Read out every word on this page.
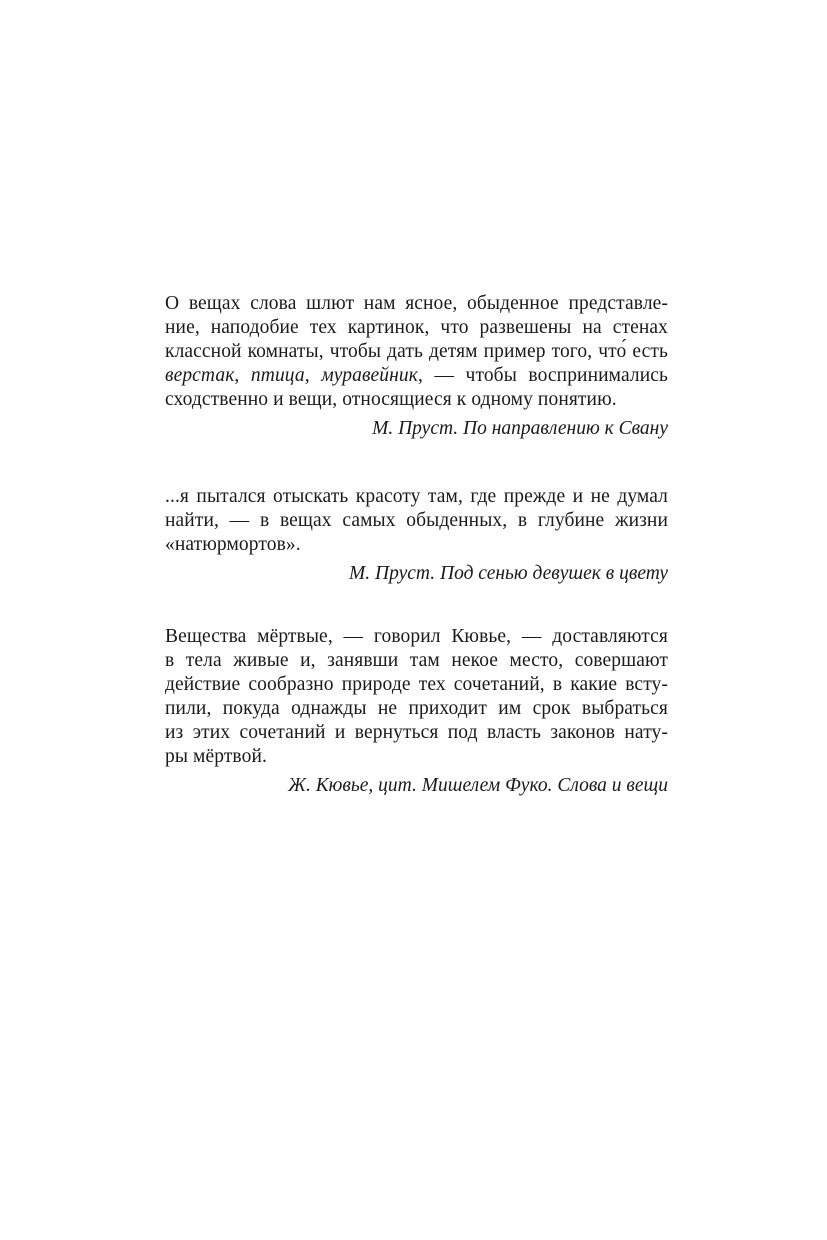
О вещах слова шлют нам ясное, обыденное представле-
ние, наподобие тех картинок, что развешены на стенах
классной комнаты, чтобы дать детям пример того, что́ есть
верстак, птица, муравейник, — чтобы воспринимались
сходственно и вещи, относящиеся к одному понятию.
М. Пруст. По направлению к Свану
...я пытался отыскать красоту там, где прежде и не думал
найти, — в вещах самых обыденных, в глубине жизни
«натюрмортов».
М. Пруст. Под сенью девушек в цвету
Вещества мёртвые, — говорил Кювье, — доставляются
в тела живые и, занявши там некое место, совершают
действие сообразно природе тех сочетаний, в какие всту-
пили, покуда однажды не приходит им срок выбраться
из этих сочетаний и вернуться под власть законов нату-
ры мёртвой.
Ж. Кювье, цит. Мишелем Фуко. Слова и вещи
